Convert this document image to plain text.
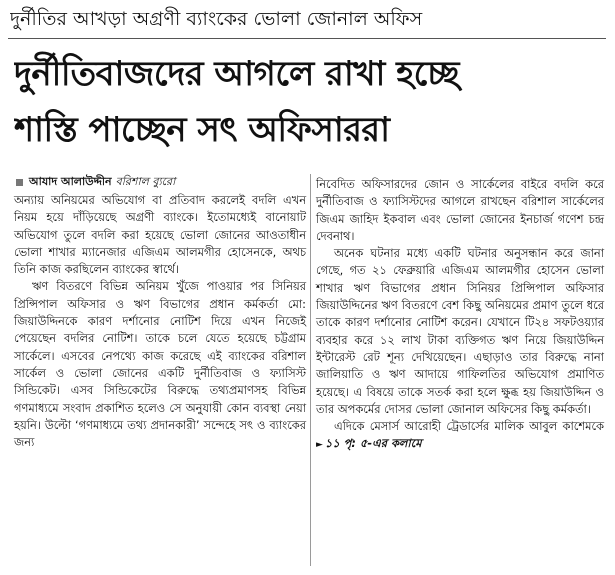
দুর্নীতির আখড়া অগ্রণী ব্যাংকের ভোলা জোনাল অফিস
দুর্নীতিবাজদের আগলে রাখা হচ্ছে
শাস্তি পাচ্ছেন সৎ অফিসাররা
আযাদ আলাউদ্দীন বরিশাল ব্যুরো

অন্যায় অনিয়মের অভিযোগ বা প্রতিবাদ করলেই বদলি এখন নিয়ম হয়ে দাঁড়িয়েছে অগ্রণী ব্যাংকে। ইতোমধ্যেই বানোয়াট অভিযোগ তুলে বদলি করা হয়েছে ভোলা জোনের আওতাধীন ভোলা শাখার ম্যানেজার এজিএম আলমগীর হোসেনকে, অথচ তিনি কাজ করছিলেন ব্যাংকের স্বার্থে।

ঋণ বিতরণে বিভিন্ন অনিয়ম খুঁজে পাওয়ার পর সিনিয়র প্রিন্সিপাল অফিসার ও ঋণ বিভাগের প্রধান কর্মকর্তা মো: জিয়াউদ্দিনকে কারণ দর্শানোর নোটিশ দিয়ে এখন নিজেই পেয়েছেন বদলির নোটিশ। তাকে চলে যেতে হয়েছে চট্টগ্রাম সার্কেলে। এসবের নেপথ্যে কাজ করেছে এই ব্যাংকের বরিশাল সার্কেল ও ভোলা জোনের একটি দুর্নীতিবাজ ও ফ্যাসিস্ট সিন্ডিকেট। এসব সিন্ডিকেটের বিরুদ্ধে তথ্যপ্রমাণসহ বিভিন্ন গণমাধ্যমে সংবাদ প্রকাশিত হলেও সে অনুযায়ী কোন ব্যবস্থা নেয়া হয়নি। উল্টো ‘গণমাধ্যমে তথ্য প্রদানকারী’ সন্দেহে সৎ ও ব্যাংকের জন্য

নিবেদিত অফিসারদের জোন ও সার্কেলের বাইরে বদলি করে দুর্নীতিবাজ ও ফ্যাসিস্টদের আগলে রাখছেন বরিশাল সার্কেলের জিএম জাহিদ ইকবাল এবং ভোলা জোনের ইনচার্জ গণেশ চন্দ্র দেবনাথ।

অনেক ঘটনার মধ্যে একটি ঘটনার অনুসন্ধান করে জানা গেছে, গত ২১ ফেব্রুয়ারি এজিএম আলমগীর হোসেন ভোলা শাখার ঋণ বিভাগের প্রধান সিনিয়র প্রিন্সিপাল অফিসার জিয়াউদ্দিনের ঋণ বিতরণে বেশ কিছু অনিয়মের প্রমাণ তুলে ধরে তাকে কারণ দর্শানোর নোটিশ করেন। যেখানে টি২৪ সফটওয়্যার ব্যবহার করে ১২ লাখ টাকা ব্যক্তিগত ঋণ নিয়ে জিয়াউদ্দিন ইন্টারেস্ট রেট শূন্য দেখিয়েছেন। এছাড়াও তার বিরুদ্ধে নানা জালিয়াতি ও ঋণ আদায়ে গাফিলতির অভিযোগ প্রমাণিত হয়েছে। এ বিষয়ে তাকে সতর্ক করা হলে ক্ষুব্ধ হয় জিয়াউদ্দিন ও তার অপকর্মের দোসর ভোলা জোনাল অফিসের কিছু কর্মকর্তা।

এদিকে মেসার্স আরোহী ট্রেডার্সের মালিক আবুল কাশেমকে ► ১১ পৃ: ৫-এর কলামে
